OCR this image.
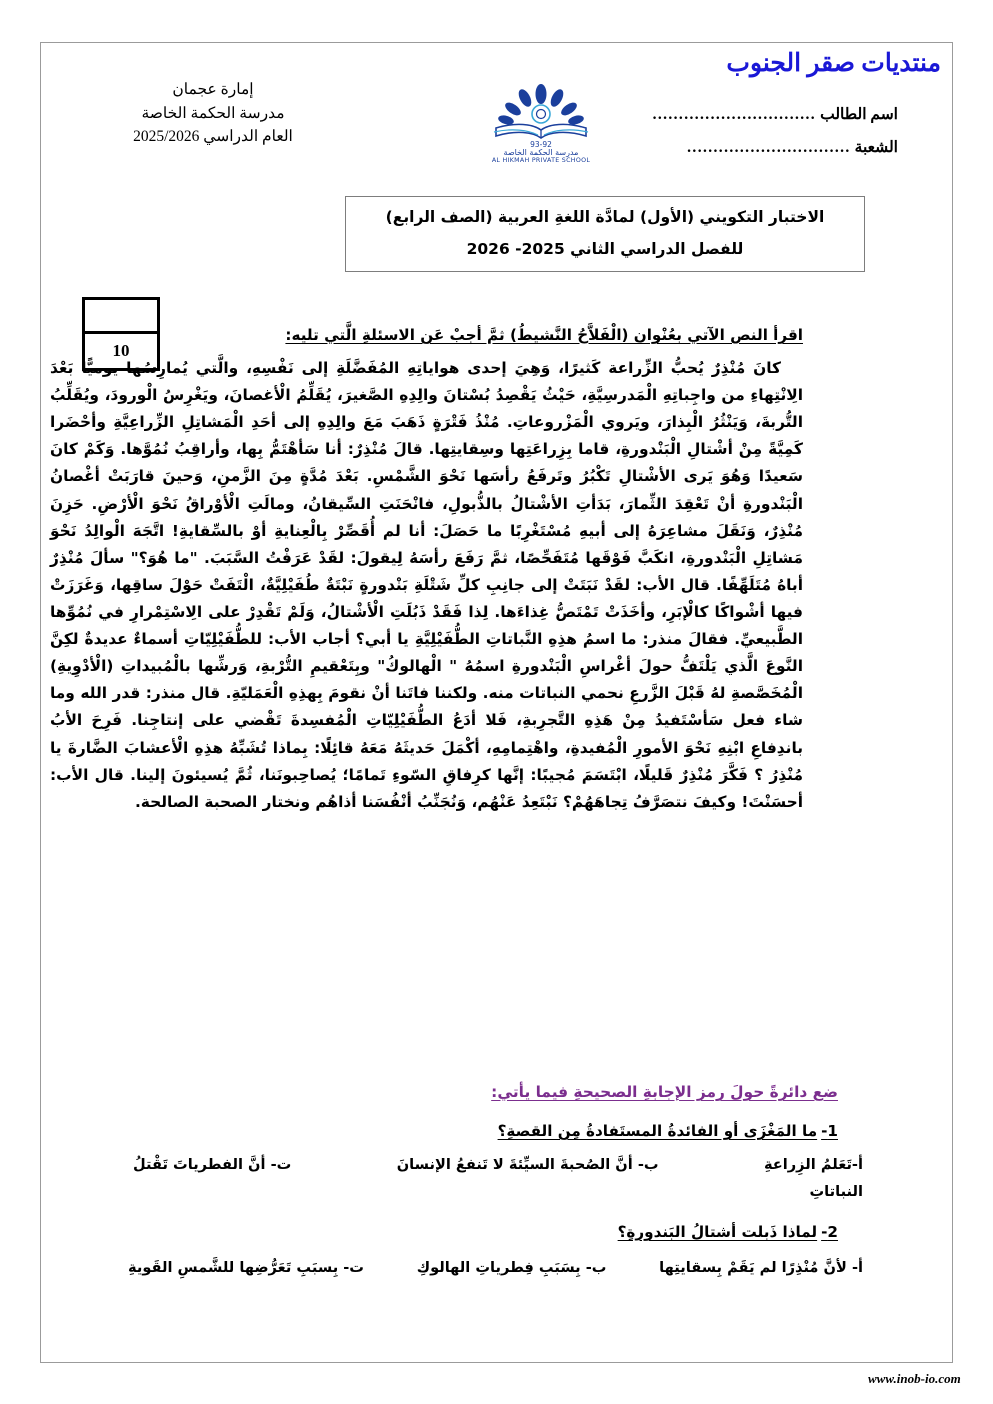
منتديات صقر الجنوب
اسم الطالب
...............................
الشعبة
...............................
إمارة عجمان
مدرسة الحكمة الخاصة
العام الدراسي 2025/2026	93-92
مدرسة الحكمة الخاصة
AL HIKMAH PRIVATE SCHOOL
الاختبار التكويني (الأول) لمادَّة اللغةِ العربية (الصف الرابع)
للفصل الدراسي الثاني 2025- 2026
10
اقرأ النص الآتي بعُنْوان (الْفَلاَّحُ النَّشيطُ) ثمَّ أجبْ عَن الاسئلةِ الَّتي تليه:
كانَ مُنْذِرٌ يُحبُّ الزِّراعة كَثيرًا، وَهِيَ إحدى هواياتِهِ المُفَضَّلَةِ إلى نَفْسِهِ، والَّتي يُمارِسُها يوميًّا بَعْدَ الِانْتِهاءِ من واجِباتِهِ الْمَدرسِيَّةِ، حَيْثُ يَقْصِدُ بُسْتانَ والِدِهِ الصَّغيرَ، يُقَلِّمُ الْأغصانَ، ويَغْرِسُ الْورودَ، ويُقَلِّبُ التُّربةَ، وَيَنْثُرُ الْبِذارَ، ويَروي الْمَزْروعاتِ. مُنْذُ فَتْرَةٍ ذَهَبَ مَعَ والِدِهِ إلى أحَدِ الْمَشاتِلِ الزِّراعِيَّةِ وأحْضَرا كَمِيَّةً مِنْ أشْتالِ الْبَنْدورةِ، قاما بِزِراعَتِها وسِقايتِها. قالَ مُنْذِرٌ: أنا سَأهْتَمُّ بِها، وأراقِبُ نُمُوَّها. وَكَمْ كانَ سَعيدًا وَهُوَ يَرى الأشْتالِ تَكْبُرُ وتَرفَعُ رأسَها نَحْوَ الشَّمْسِ. بَعْدَ مُدَّةٍ مِنَ الزَّمنِ، وَحينَ قارَبَتْ أغْصانُ الْبَنْدورةِ أنْ تَعْقِدَ الثِّمارَ، بَدَأتِ الأشْتالُ بالذُّبولِ، فانْحَنَتِ السِّيقانُ، ومالَتِ الْأوْراقُ نَحْوَ الْأرْضِ. حَزِنَ مُنْذِرٌ، وَنَقَلَ مشاعِرَهُ إلى أبيهِ مُسْتَغْرِبًا ما حَصَلَ: أنا لم أُقَصِّرْ بِالْعِنايةِ أوْ بالسِّقايةِ! اتَّجَهَ الْوالِدُ نَحْوَ مَشاتِلِ الْبَنْدورةِ، انكَبَّ فَوْقَها مُتَفَحِّصًا، ثمَّ رَفَعَ رأسَهُ لِيقولَ: لقَدْ عَرَفْتُ السَّبَبَ. "ما هُوَ؟" سألَ مُنْذِرٌ أباهُ مُتَلَهِّفًا. قال الأب: لقَدْ نَبَتَتْ إلى جانِبِ كلِّ شَتْلَةِ بَنْدورةٍ نَبْتَةٌ طُفَيْلِيَّةٌ، الْتَفَتْ حَوْلَ ساقِها، وَغَرَزَتْ فيها أشْواكًا كالْإبَرِ، وأخَذَتْ تَمْتَصُّ غِذاءَها. لِذا فَقَدْ ذَبُلَتِ الْأشْتالُ، وَلَمْ تَقْدِرْ على الِاسْتِمْرارِ في نُمُوِّها الطَّبيعيِّ. فقالَ منذر: ما اسمُ هذِهِ النَّباتاتِ الطُّفَيْلِيَّةِ يا أبي؟ أجاب الأب: للطُّفَيْلِيّاتِ أسماءٌ عديدةٌ لكِنَّ النَّوعَ الَّذي يَلْتَفُّ حولَ أغْراسِ الْبَنْدورةِ اسمُهُ " الْهالوكُ" وبِتَعْقيمِ التُّرْبةِ، وَرشِّها بالْمُبيداتِ (الْأدْوِيةِ) الْمُخَصَّصةِ لهُ قَبْلَ الزَّرعِ نحمي النباتات منه. ولكننا فاتَنا أنْ نقومَ بِهذِهِ الْعَمَليّةِ. قال منذر: قدر الله وما شاء فعل سَأسْتَفيدُ مِنْ هَذِهِ التَّجرِبةِ، فَلا أدَعُ الطُّفَيْلِيّاتِ الْمُفسِدةَ تَقْضي على إنتاجِنا. فَرِحَ الأبُ باندِفاعِ ابْنِهِ نَحْوَ الأمورِ الْمُفيدةِ، واهْتِمامِهِ، أكْمَلَ حَديثَهُ مَعَهُ قائِلًا: بِماذا تُشَبِّهُ هذِهِ الْأعشابَ الضَّارةَ يا مُنْذِرُ ؟ فَكَّرَ مُنْذِرٌ قَليلًا، ابْتَسَمَ مُجيبًا: إنَّها كرِفاقِ السّوءِ تَمامًا؛ يُصاحِبونَنا، ثُمَّ يُسيئونَ إلينا. قال الأب: أحسَنْتَ! وكيفَ نتصَرَّفُ تِجاهَهُمْ؟ نَبْتَعِدُ عَنْهُم، وَنُجَنِّبُ أنْفُسَنا أذاهُم ونختار الصحبة الصالحة.
ضع دائرةً حولَ رمز الإجابةِ الصحيحةِ فيما يأتي:
1- ما المَغْزَى أو الفائدةُ المستَفادةُ مِن القصةِ؟
أ-تَعَلمُ الزِراعةِ
ب- أنَّ الصُحبةَ السيِّئةَ لا تَنفعُ الإنسانَ
ت- أنَّ الفطرياتَ تَقْتلُ
النباتاتِ
2- لماذا ذَبلت أشتالُ البَندورةِ؟
أ- لأنَّ مُنْذِرًا لم يَقَمْ بِسقايتِها
ب- بِسَبَبِ فِطرياتِ الهالوكِ
ت- بِسبَبِ تَعَرُّضِها للشَّمسِ القَويةِ
www.inob-io.com
